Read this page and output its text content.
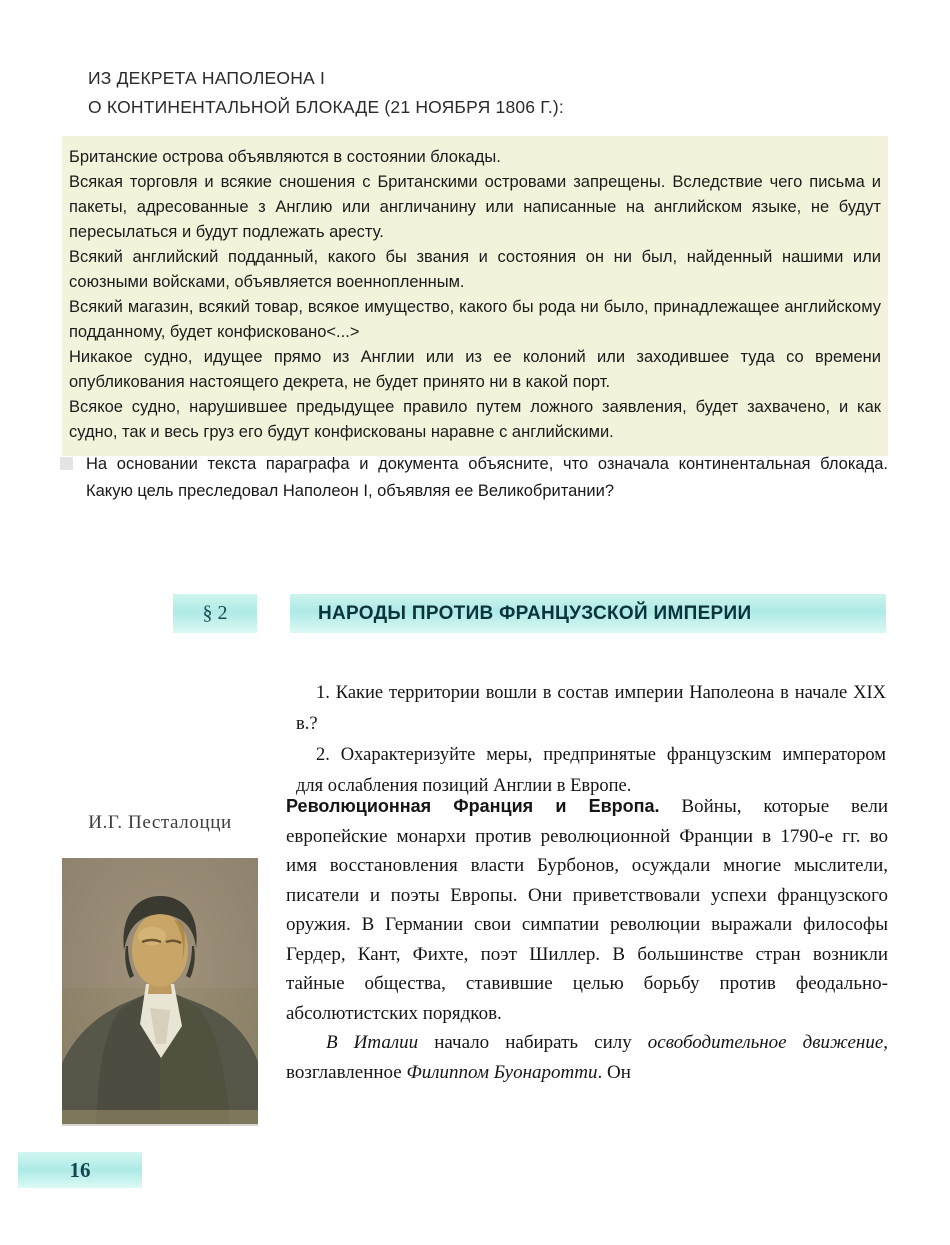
ИЗ ДЕКРЕТА НАПОЛЕОНА I
О КОНТИНЕНТАЛЬНОЙ БЛОКАДЕ (21 НОЯБРЯ 1806 Г.):

Британские острова объявляются в состоянии блокады.

Всякая торговля и всякие сношения с Британскими островами запрещены. Вследствие чего письма и пакеты, адресованные з Англию или англичанину или написанные на английском языке, не будут пересылаться и будут подлежать аресту.

Всякий английский подданный, какого бы звания и состояния он ни был, найденный нашими или союзными войсками, объявляется военнопленным.

Всякий магазин, всякий товар, всякое имущество, какого бы рода ни было, принадлежащее английскому подданному, будет конфисковано<...>

Никакое судно, идущее прямо из Англии или из ее колоний или заходившее туда со времени опубликования настоящего декрета, не будет принято ни в какой порт.

Всякое судно, нарушившее предыдущее правило путем ложного заявления, будет захвачено, и как судно, так и весь груз его будут конфискованы наравне с английскими.

На основании текста параграфа и документа объясните, что означала континентальная блокада. Какую цель преследовал Наполеон I, объявляя ее Великобритании?
§ 2	НАРОДЫ ПРОТИВ ФРАНЦУЗСКОЙ ИМПЕРИИ

1. Какие территории вошли в состав империи Наполеона в начале XIX в.?

2. Охарактеризуйте меры, предпринятые французским императором для ослабления позиций Англии в Европе.

И.Г. Песталоцци

Революционная Франция и Европа. Войны, которые вели европейские монархи против революционной Франции в 1790-е гг. во имя восстановления власти Бурбонов, осуждали многие мыслители, писатели и поэты Европы. Они приветствовали успехи французского оружия. В Германии свои симпатии революции выражали философы Гердер, Кант, Фихте, поэт Шиллер. В большинстве стран возникли тайные общества, ставившие целью борьбу против феодально-абсолютистских порядков.

В Италии начало набирать силу освободительное движение, возглавленное Филиппом Буонаротти. Он

16
